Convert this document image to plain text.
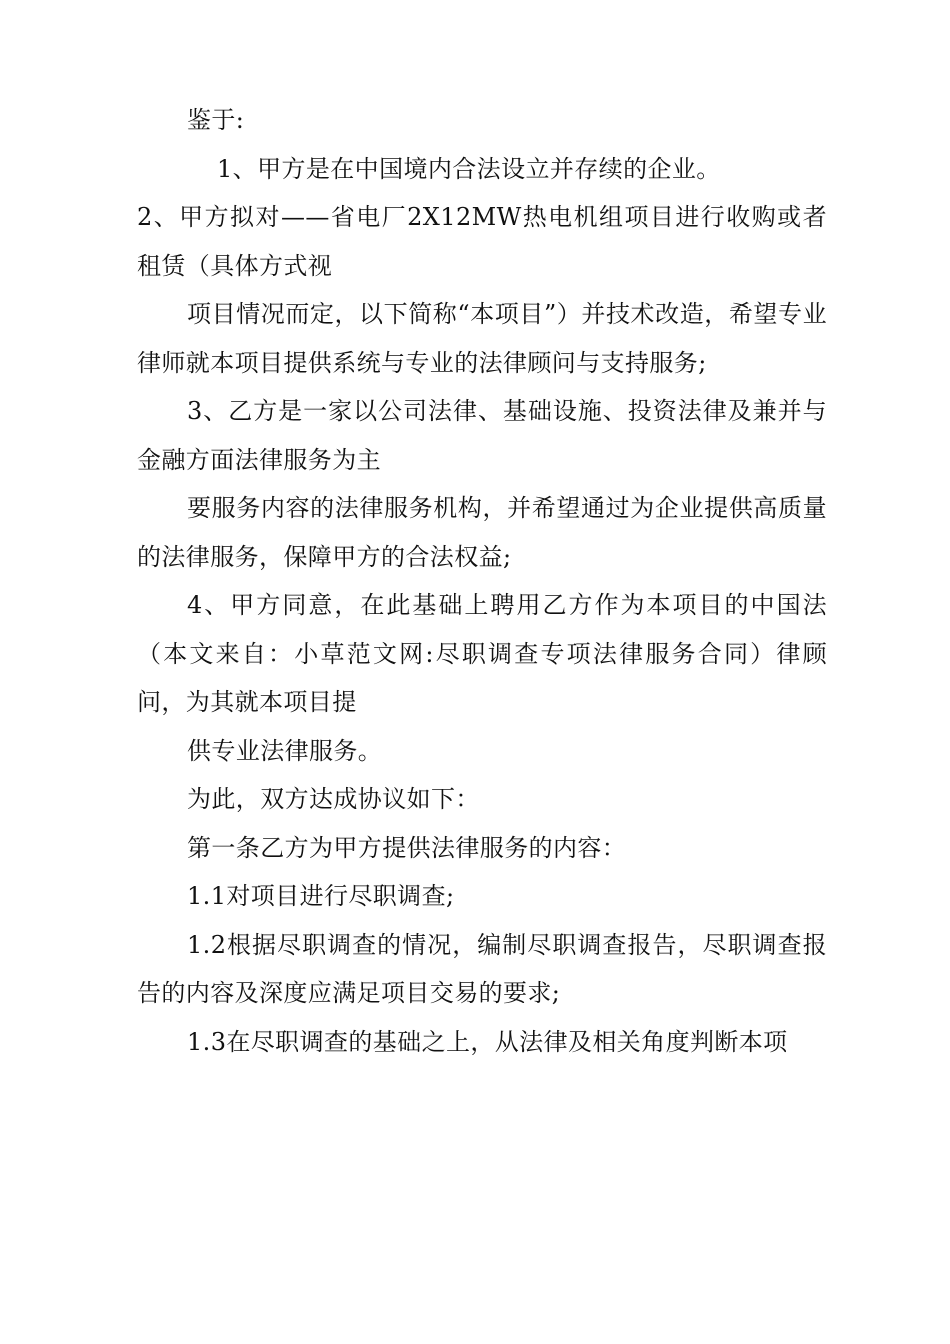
鉴于:

1、甲方是在中国境内合法设立并存续的企业。

2、甲方拟对——省电厂2X12MW热电机组项目进行收购或者租赁（具体方式视

项目情况而定，以下简称“本项目”）并技术改造，希望专业律师就本项目提供系统与专业的法律顾问与支持服务;

3、乙方是一家以公司法律、基础设施、投资法律及兼并与金融方面法律服务为主

要服务内容的法律服务机构，并希望通过为企业提供高质量的法律服务，保障甲方的合法权益;

4、甲方同意，在此基础上聘用乙方作为本项目的中国法（本文来自：小草范文网:尽职调查专项法律服务合同）律顾问，为其就本项目提

供专业法律服务。

为此，双方达成协议如下：

第一条乙方为甲方提供法律服务的内容：

1.1对项目进行尽职调查;

1.2根据尽职调查的情况，编制尽职调查报告，尽职调查报告的内容及深度应满足项目交易的要求;

1.3在尽职调查的基础之上，从法律及相关角度判断本项
